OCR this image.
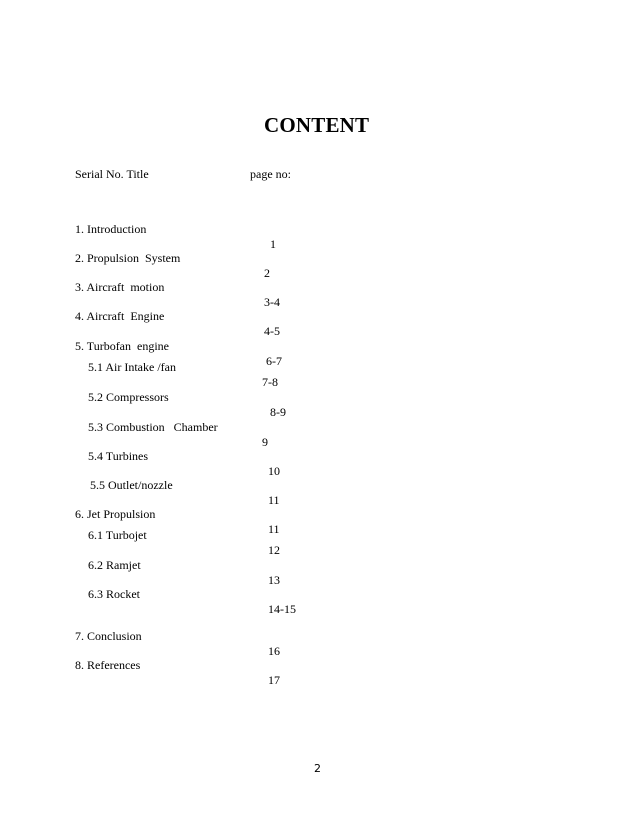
CONTENT
Serial No. Title	page no:

1. Introduction

1

2. Propulsion  System

2

3. Aircraft  motion

3-4

4. Aircraft  Engine

4-5

5. Turbofan  engine

6-7

5.1 Air Intake /fan

7-8

5.2 Compressors

8-9

5.3 Combustion   Chamber

9

5.4 Turbines

10

5.5 Outlet/nozzle

11

6. Jet Propulsion

11

6.1 Turbojet

12

6.2 Ramjet

13

6.3 Rocket

14-15

7. Conclusion

16

8. References

17

2
